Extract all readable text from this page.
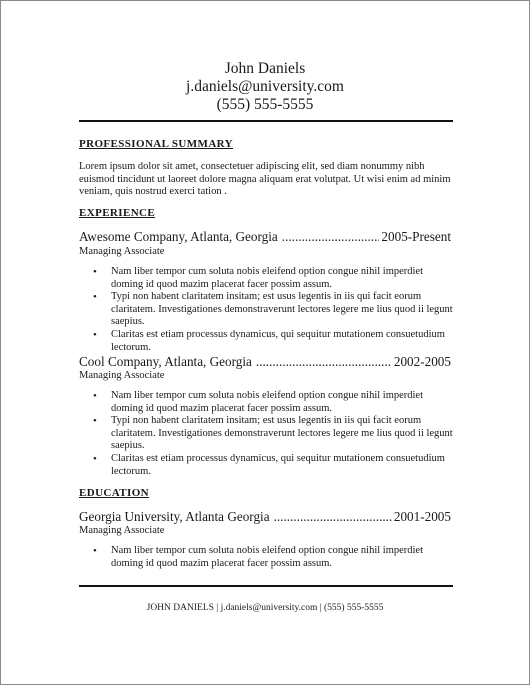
John Daniels
j.daniels@university.com
(555) 555-5555
PROFESSIONAL SUMMARY

Lorem ipsum dolor sit amet, consectetuer adipiscing elit, sed diam nonummy nibh euismod tincidunt ut laoreet dolore magna aliquam erat volutpat. Ut wisi enim ad minim veniam, quis nostrud exerci tation .

EXPERIENCE
Awesome Company, Atlanta, Georgia .....	2005-Present
Managing Associate
• Nam liber tempor cum soluta nobis eleifend option congue nihil imperdiet doming id quod mazim placerat facer possim assum.
• Typi non habent claritatem insitam; est usus legentis in iis qui facit eorum claritatem. Investigationes demonstraverunt lectores legere me lius quod ii legunt saepius.
• Claritas est etiam processus dynamicus, qui sequitur mutationem consuetudium lectorum.
Cool Company, Atlanta, Georgia .....	2002-2005
Managing Associate
• Nam liber tempor cum soluta nobis eleifend option congue nihil imperdiet doming id quod mazim placerat facer possim assum.
• Typi non habent claritatem insitam; est usus legentis in iis qui facit eorum claritatem. Investigationes demonstraverunt lectores legere me lius quod ii legunt saepius.
• Claritas est etiam processus dynamicus, qui sequitur mutationem consuetudium lectorum.
EDUCATION
Georgia University, Atlanta Georgia .....	2001-2005
Managing Associate
• Nam liber tempor cum soluta nobis eleifend option congue nihil imperdiet doming id quod mazim placerat facer possim assum.
JOHN DANIELS | j.daniels@university.com | (555) 555-5555
